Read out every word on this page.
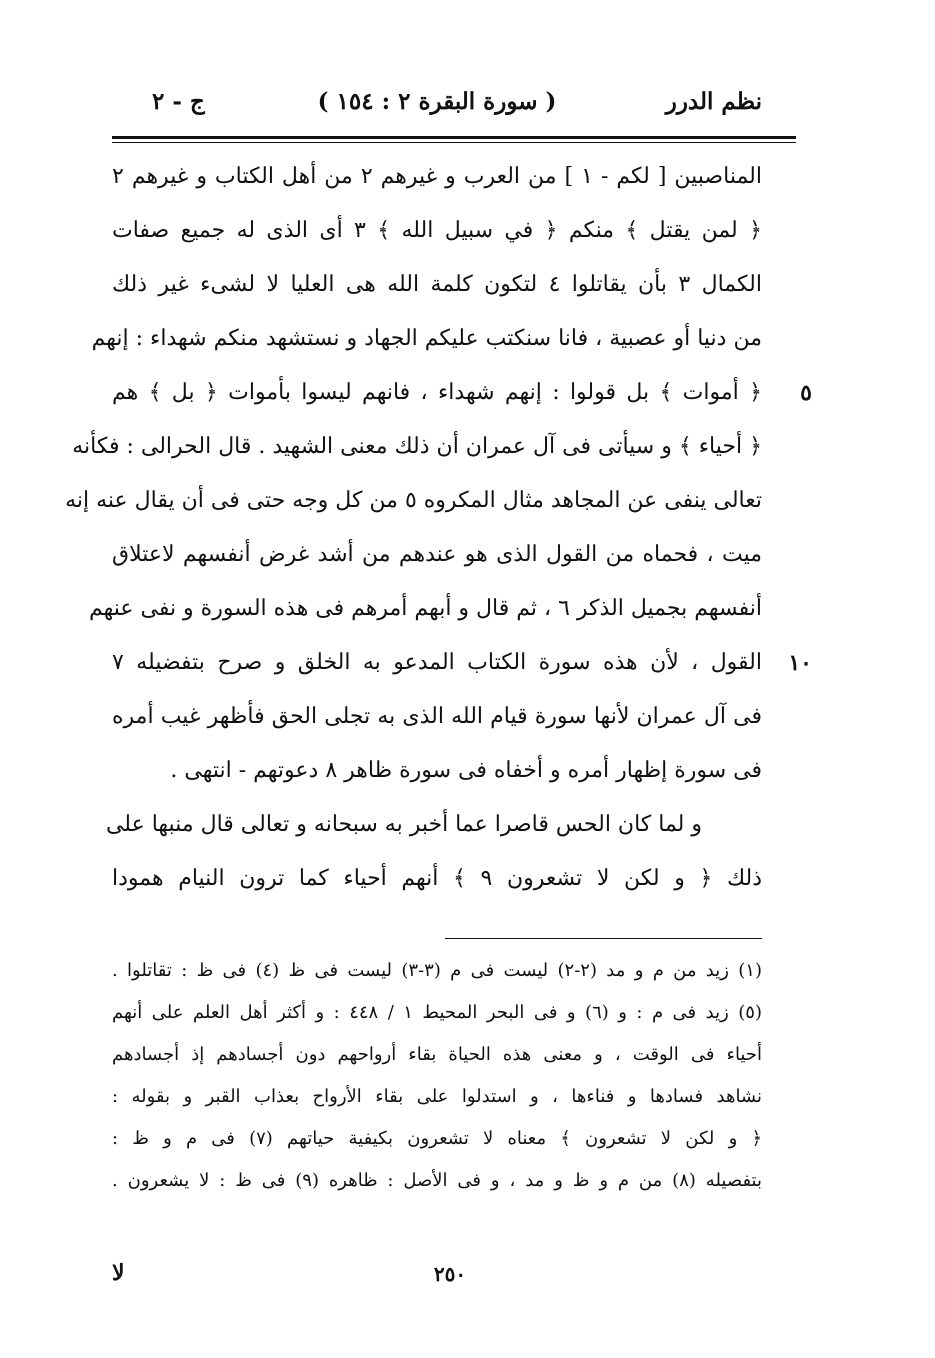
نظم الدرر
( سورة البقرة ٢ : ١٥٤ )
ج - ٢
المناصبين [ لكم - ١ ] من العرب و غيرهم ٢ من أهل الكتاب و غيرهم ٢
﴿ لمن يقتل ﴾ منكم ﴿ في سبيل الله ﴾ ٣ أى الذى له جميع صفات
الكمال ٣ بأن يقاتلوا ٤ لتكون كلمة الله هى العليا لا لشىء غير ذلك
من دنيا أو عصبية ، فانا سنكتب عليكم الجهاد و نستشهد منكم شهداء : إنهم
٥
﴿ أموات ﴾ بل قولوا : إنهم شهداء ، فانهم ليسوا بأموات ﴿ بل ﴾ هم
﴿ أحياء ﴾ و سيأتى فى آل عمران أن ذلك معنى الشهيد . قال الحرالى : فكأنه
تعالى ينفى عن المجاهد مثال المكروه ٥ من كل وجه حتى فى أن يقال عنه إنه
ميت ، فحماه من القول الذى هو عندهم من أشد غرض أنفسهم لاعتلاق
أنفسهم بجميل الذكر ٦ ، ثم قال و أبهم أمرهم فى هذه السورة و نفى عنهم
١٠
القول ، لأن هذه سورة الكتاب المدعو به الخلق و صرح بتفضيله ٧
فى آل عمران لأنها سورة قيام الله الذى به تجلى الحق فأظهر غيب أمره
فى سورة إظهار أمره و أخفاه فى سورة ظاهر ٨ دعوتهم - انتهى .
و لما كان الحس قاصرا عما أخبر به سبحانه و تعالى قال منبها على
ذلك ﴿ و لكن لا تشعرون ٩ ﴾ أنهم أحياء كما ترون النيام همودا
(١) زيد من م و مد (٢-٢) ليست فى م (٣-٣) ليست فى ظ (٤) فى ظ : تقاتلوا .
(٥) زيد فى م : و (٦) و فى البحر المحيط ١ / ٤٤٨ : و أكثر أهل العلم على أنهم
أحياء فى الوقت ، و معنى هذه الحياة بقاء أرواحهم دون أجسادهم إذ أجسادهم
نشاهد فسادها و فناءها ، و استدلوا على بقاء الأرواح بعذاب القبر و بقوله :
﴿ و لكن لا تشعرون ﴾ معناه لا تشعرون بكيفية حياتهم (٧) فى م و ظ :
بتفصيله (٨) من م و ظ و مد ، و فى الأصل : ظاهره (٩) فى ظ : لا يشعرون .
٢٥٠
لا
